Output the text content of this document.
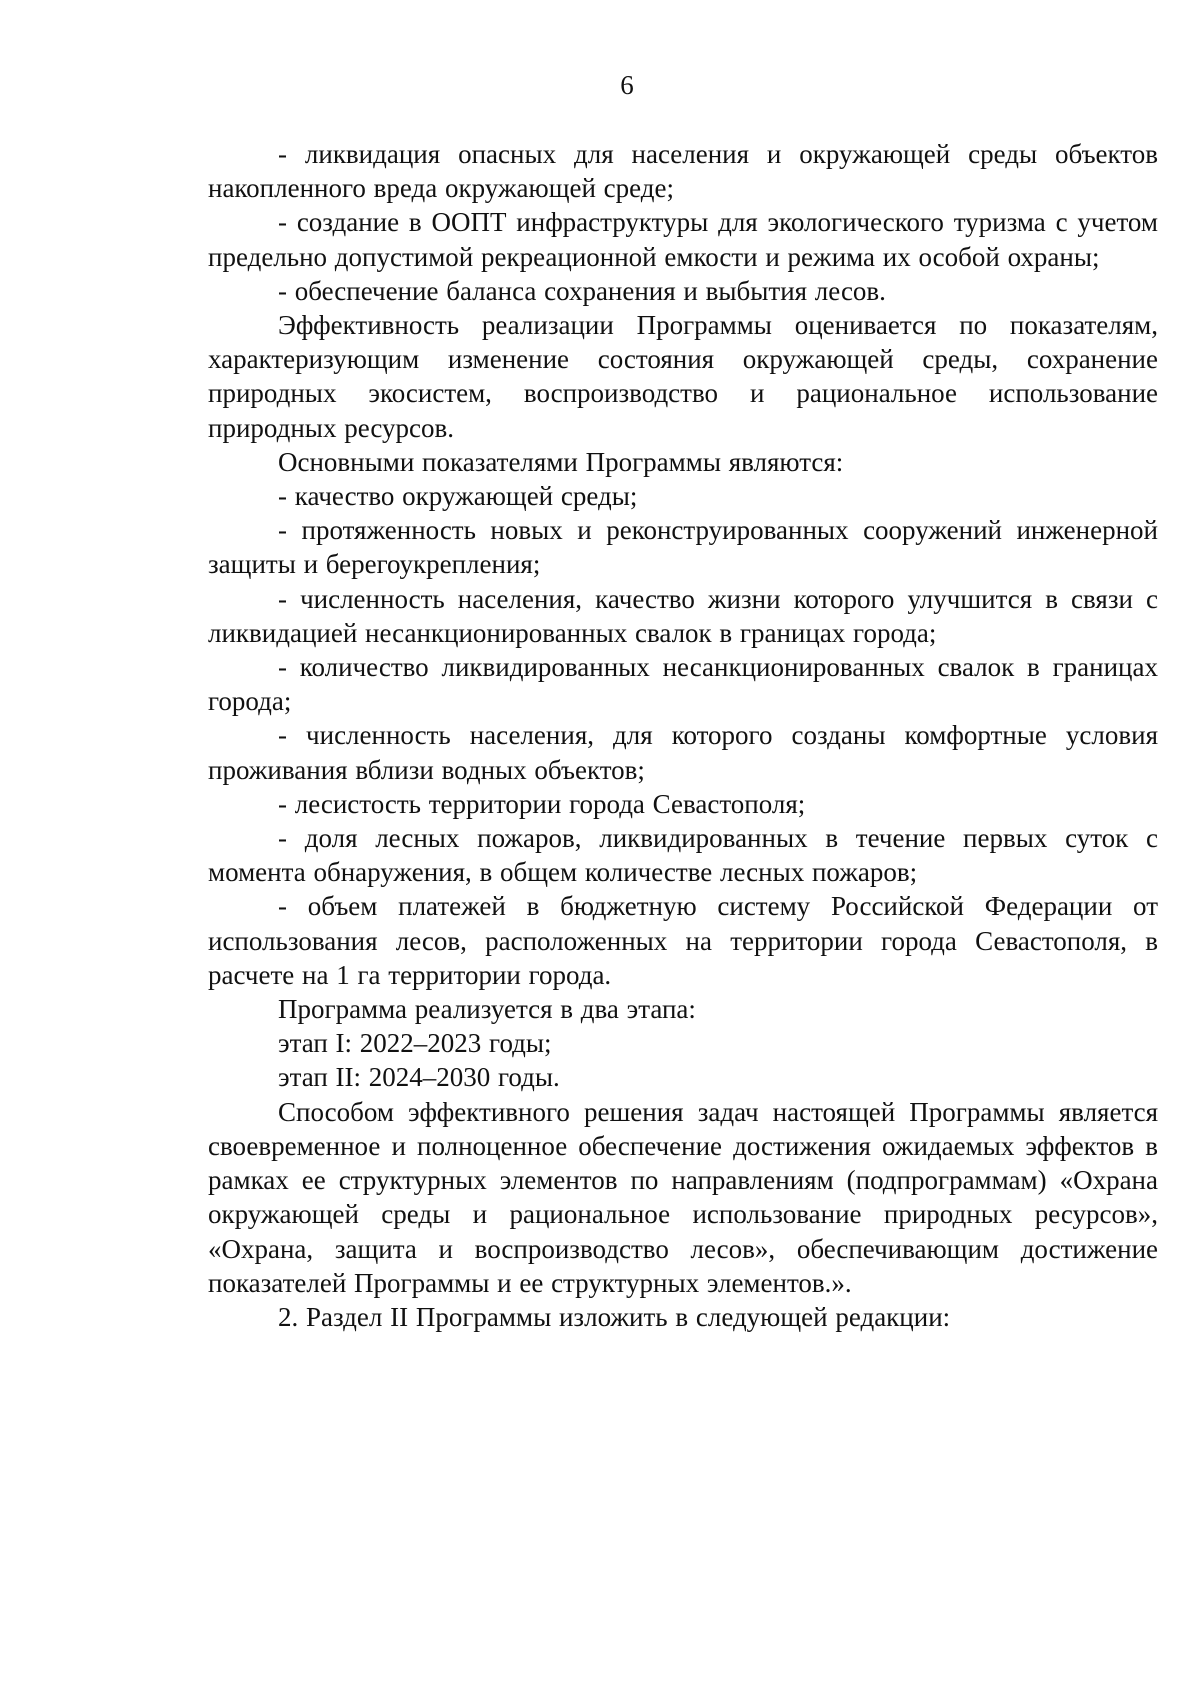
6

- ликвидация опасных для населения и окружающей среды объектов накопленного вреда окружающей среде;

- создание в ООПТ инфраструктуры для экологического туризма с учетом предельно допустимой рекреационной емкости и режима их особой охраны;

- обеспечение баланса сохранения и выбытия лесов.

Эффективность реализации Программы оценивается по показателям, характеризующим изменение состояния окружающей среды, сохранение природных экосистем, воспроизводство и рациональное использование природных ресурсов.

Основными показателями Программы являются:

- качество окружающей среды;

- протяженность новых и реконструированных сооружений инженерной защиты и берегоукрепления;

- численность населения, качество жизни которого улучшится в связи с ликвидацией несанкционированных свалок в границах города;

- количество ликвидированных несанкционированных свалок в границах города;

- численность населения, для которого созданы комфортные условия проживания вблизи водных объектов;

- лесистость территории города Севастополя;

- доля лесных пожаров, ликвидированных в течение первых суток с момента обнаружения, в общем количестве лесных пожаров;

- объем платежей в бюджетную систему Российской Федерации от использования лесов, расположенных на территории города Севастополя, в расчете на 1 га территории города.

Программа реализуется в два этапа:

этап I: 2022–2023 годы;

этап II: 2024–2030 годы.

Способом эффективного решения задач настоящей Программы является своевременное и полноценное обеспечение достижения ожидаемых эффектов в рамках ее структурных элементов по направлениям (подпрограммам) «Охрана окружающей среды и рациональное использование природных ресурсов», «Охрана, защита и воспроизводство лесов», обеспечивающим достижение показателей Программы и ее структурных элементов.».

2. Раздел II Программы изложить в следующей редакции:
